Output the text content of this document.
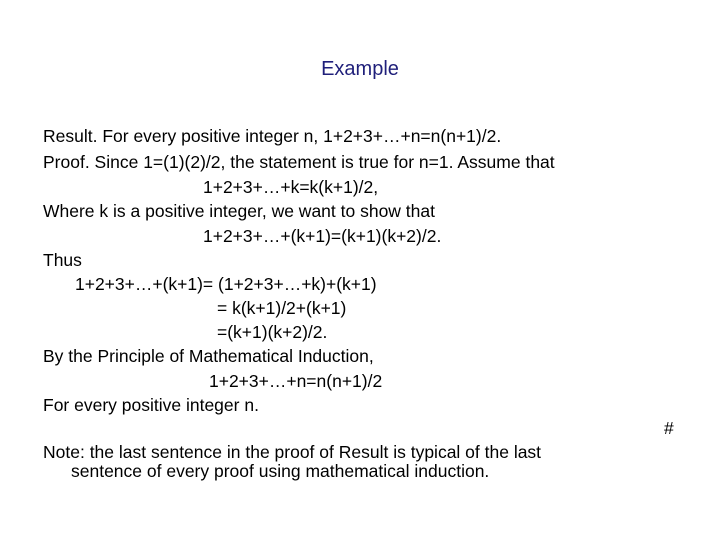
Example
Result. For every positive integer n, 1+2+3+…+n=n(n+1)/2.
Proof. Since 1=(1)(2)/2, the statement is true for n=1. Assume that
1+2+3+…+k=k(k+1)/2,
Where k is a positive integer, we want to show that
1+2+3+…+(k+1)=(k+1)(k+2)/2.
Thus
1+2+3+…+(k+1)= (1+2+3+…+k)+(k+1)
= k(k+1)/2+(k+1)
=(k+1)(k+2)/2.
By the Principle of Mathematical Induction,
1+2+3+…+n=n(n+1)/2
For every positive integer n.
#
Note: the last sentence in the proof of Result is typical of the last
sentence of every proof using mathematical induction.
